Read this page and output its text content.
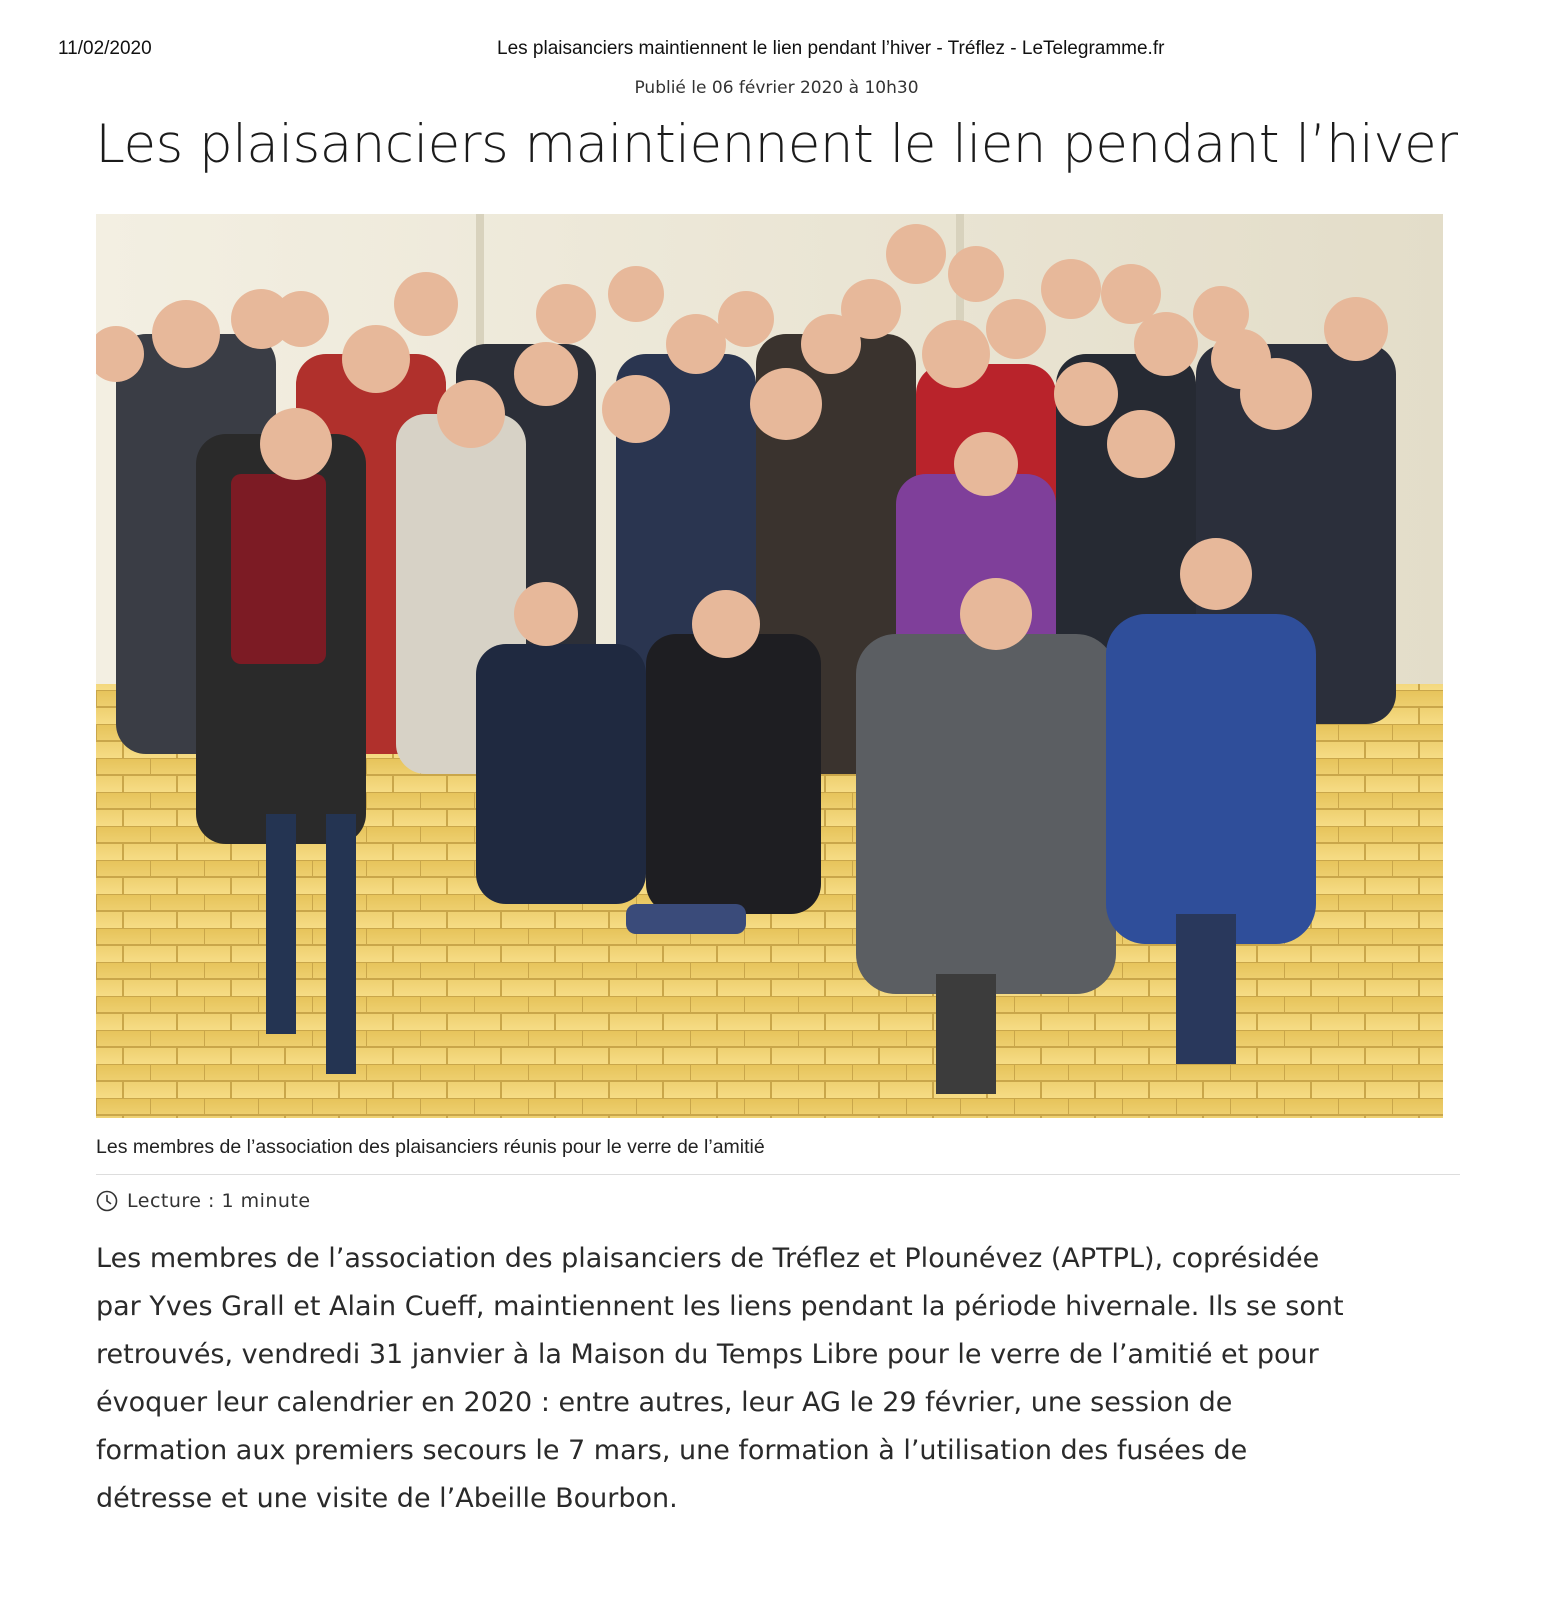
11/02/2020	Les plaisanciers maintiennent le lien pendant l’hiver - Tréflez - LeTelegramme.fr
Publié le 06 février 2020 à 10h30
Les plaisanciers maintiennent le lien pendant l’hiver
Les membres de l’association des plaisanciers réunis pour le verre de l’amitié
Lecture : 1 minute

Les membres de l’association des plaisanciers de Tréflez et Plounévez (APTPL), coprésidée
par Yves Grall et Alain Cueff, maintiennent les liens pendant la période hivernale. Ils se sont
retrouvés, vendredi 31 janvier à la Maison du Temps Libre pour le verre de l’amitié et pour
évoquer leur calendrier en 2020 : entre autres, leur AG le 29 février, une session de
formation aux premiers secours le 7 mars, une formation à l’utilisation des fusées de
détresse et une visite de l’Abeille Bourbon.
